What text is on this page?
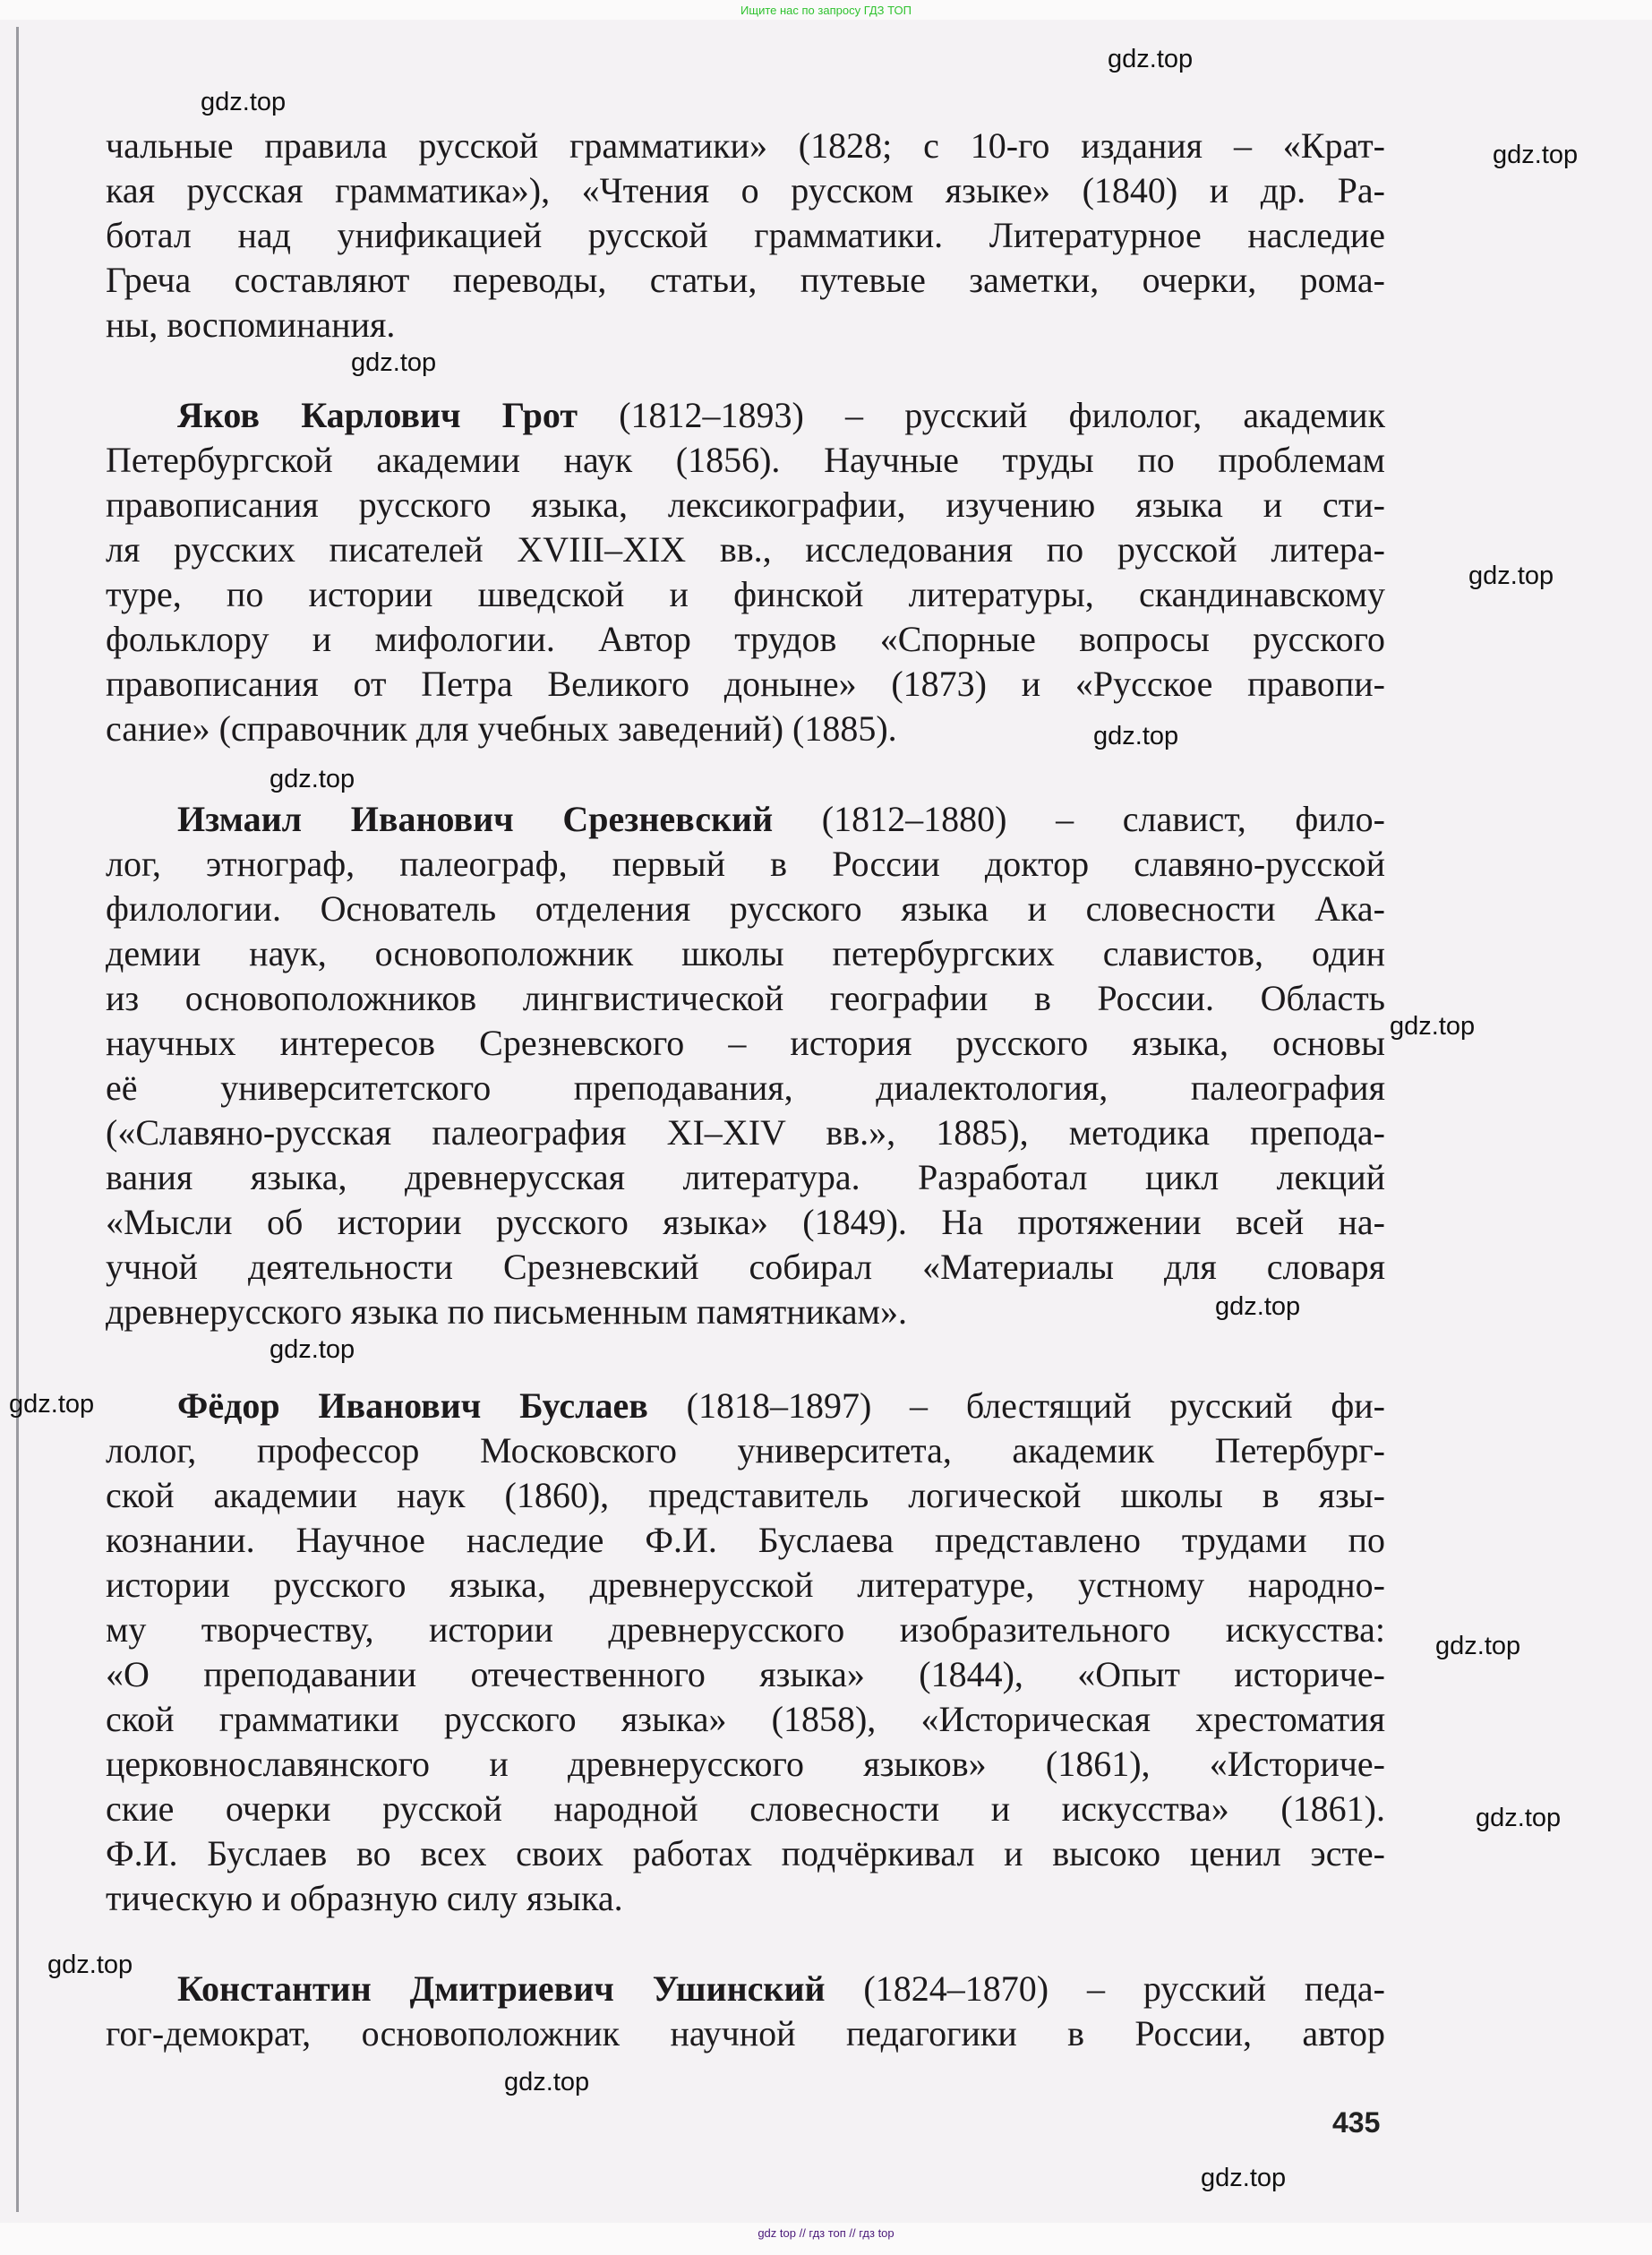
Ищите нас по запросу ГДЗ ТОП
чальные правила русской грамматики» (1828; с 10-го издания – «Крат-
кая русская грамматика»), «Чтения о русском языке» (1840) и др. Ра-
ботал над унификацией русской грамматики. Литературное наследие
Греча составляют переводы, статьи, путевые заметки, очерки, рома-
ны, воспоминания.
Яков Карлович Грот (1812–1893) – русский филолог, академик
Петербургской академии наук (1856). Научные труды по проблемам
правописания русского языка, лексикографии, изучению языка и сти-
ля русских писателей XVIII–XIX вв., исследования по русской литера-
туре, по истории шведской и финской литературы, скандинавскому
фольклору и мифологии. Автор трудов «Спорные вопросы русского
правописания от Петра Великого доныне» (1873) и «Русское правопи-
сание» (справочник для учебных заведений) (1885).
Измаил Иванович Срезневский (1812–1880) – славист, фило-
лог, этнограф, палеограф, первый в России доктор славяно-русской
филологии. Основатель отделения русского языка и словесности Ака-
демии наук, основоположник школы петербургских славистов, один
из основоположников лингвистической географии в России. Область
научных интересов Срезневского – история русского языка, основы
её университетского преподавания, диалектология, палеография
(«Славяно-русская палеография XI–XIV вв.», 1885), методика препода-
вания языка, древнерусская литература. Разработал цикл лекций
«Мысли об истории русского языка» (1849). На протяжении всей на-
учной деятельности Срезневский собирал «Материалы для словаря
древнерусского языка по письменным памятникам».
Фёдор Иванович Буслаев (1818–1897) – блестящий русский фи-
лолог, профессор Московского университета, академик Петербург-
ской академии наук (1860), представитель логической школы в язы-
кознании. Научное наследие Ф.И. Буслаева представлено трудами по
истории русского языка, древнерусской литературе, устному народно-
му творчеству, истории древнерусского изобразительного искусства:
«О преподавании отечественного языка» (1844), «Опыт историче-
ской грамматики русского языка» (1858), «Историческая хрестоматия
церковнославянского и древнерусского языков» (1861), «Историче-
ские очерки русской народной словесности и искусства» (1861).
Ф.И. Буслаев во всех своих работах подчёркивал и высоко ценил эсте-
тическую и образную силу языка.
Константин Дмитриевич Ушинский (1824–1870) – русский педа-
гог-демократ, основоположник научной педагогики в России, автор
435
gdz top // гдз топ // гдз top
gdz.top
gdz.top
gdz.top
gdz.top
gdz.top
gdz.top
gdz.top
gdz.top
gdz.top
gdz.top
gdz.top
gdz.top
gdz.top
gdz.top
gdz.top
gdz.top
